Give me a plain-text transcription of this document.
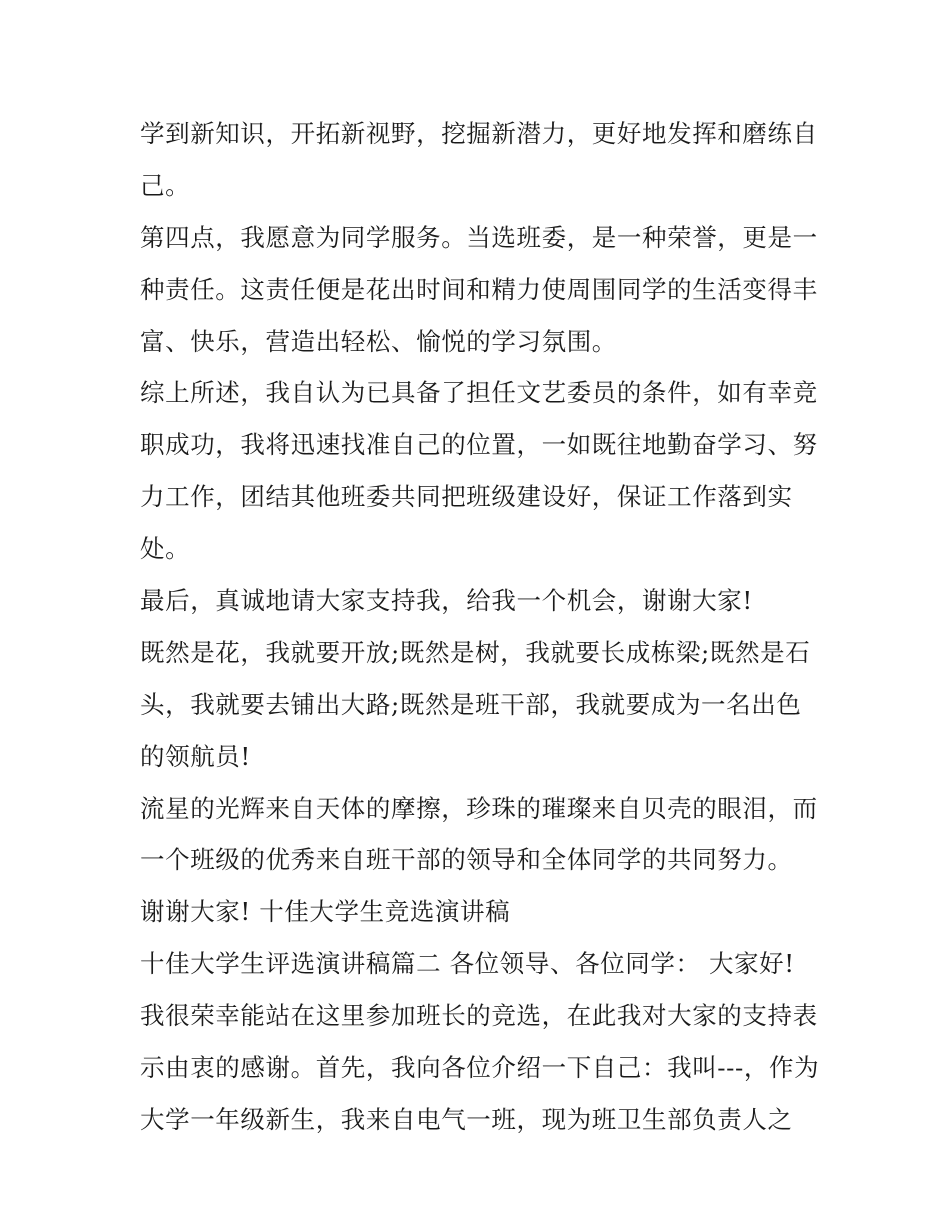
学到新知识，开拓新视野，挖掘新潜力，更好地发挥和磨练自
己。
第四点，我愿意为同学服务。当选班委，是一种荣誉，更是一
种责任。这责任便是花出时间和精力使周围同学的生活变得丰
富、快乐，营造出轻松、愉悦的学习氛围。
综上所述，我自认为已具备了担任文艺委员的条件，如有幸竞
职成功，我将迅速找准自己的位置，一如既往地勤奋学习、努
力工作，团结其他班委共同把班级建设好，保证工作落到实
处。
最后，真诚地请大家支持我，给我一个机会，谢谢大家!
既然是花，我就要开放;既然是树，我就要长成栋梁;既然是石
头，我就要去铺出大路;既然是班干部，我就要成为一名出色
的领航员!
流星的光辉来自天体的摩擦，珍珠的璀璨来自贝壳的眼泪，而
一个班级的优秀来自班干部的领导和全体同学的共同努力。
谢谢大家! 十佳大学生竞选演讲稿
十佳大学生评选演讲稿篇二 各位领导、各位同学： 大家好!
我很荣幸能站在这里参加班长的竞选，在此我对大家的支持表
示由衷的感谢。首先，我向各位介绍一下自己：我叫---，作为
大学一年级新生，我来自电气一班，现为班卫生部负责人之
